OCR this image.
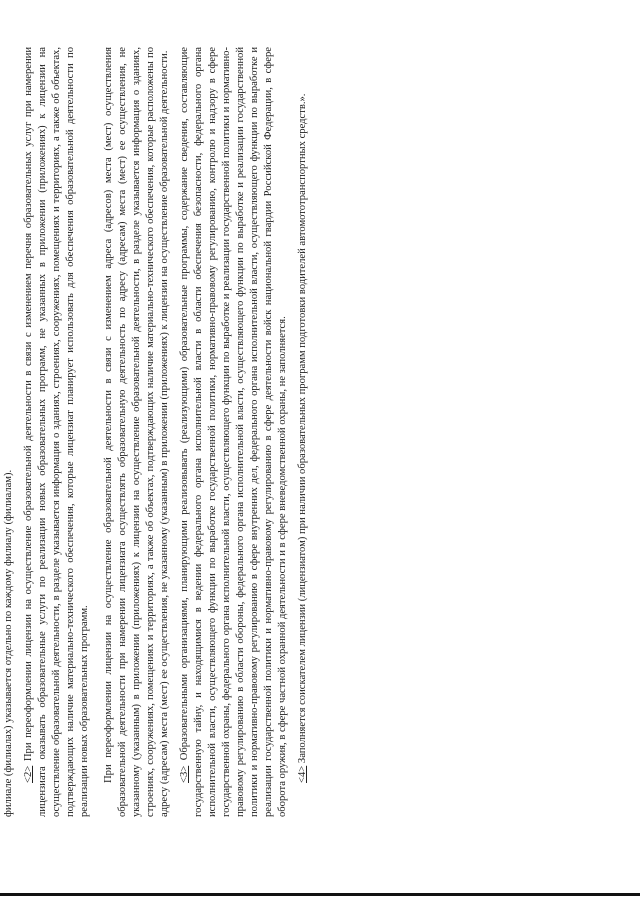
филиале (филиалах) указывается отдельно по каждому филиалу (филиалам).

<2> При переоформлении лицензии на осуществление образовательной деятельности в связи с изменением перечня образовательных услуг при намерении лицензиата оказывать образовательные услуги по реализации новых образовательных программ, не указанных в приложении (приложениях) к лицензии на осуществление образовательной деятельности, в разделе указывается информация о зданиях, строениях, сооружениях, помещениях и территориях, а также об объектах, подтверждающих наличие материально-технического обеспечения, которые лицензиат планирует использовать для обеспечения образовательной деятельности по реализации новых образовательных программ. При переоформлении лицензии на осуществление образовательной деятельности в связи с изменением адреса (адресов) места (мест) осуществления образовательной деятельности при намерении лицензиата осуществлять образовательную деятельность по адресу (адресам) места (мест) ее осуществления, не указанному (указанным) в приложении (приложениях) к лицензии на осуществление образовательной деятельности, в разделе указывается информация о зданиях, строениях, сооружениях, помещениях и территориях, а также об объектах, подтверждающих наличие материально-технического обеспечения, которые расположены по адресу (адресам) места (мест) ее осуществления, не указанному (указанным) в приложении (приложениях) к лицензии на осуществление образовательной деятельности. <3> Образовательными организациями, планирующими реализовывать (реализующими) образовательные программы, содержание сведения, составляющие государственную тайну, и находящимися в ведении федерального органа исполнительной власти в области обеспечения безопасности, федерального органа исполнительной власти, осуществляющего функции по выработке государственной политики, нормативно-правовому регулированию, контролю и надзору в сфере государственной охраны, федерального органа исполнительной власти, осуществляющего функции по выработке и реализации государственной политики и нормативно-правовому регулированию в области обороны, федерального органа исполнительной власти, осуществляющего функции по выработке и реализации государственной политики и нормативно-правовому регулированию в сфере внутренних дел, федерального органа исполнительной власти, осуществляющего функции по выработке и реализации государственной политики и нормативно-правовому регулированию в сфере деятельности войск национальной гвардии Российской Федерации, в сфере оборота оружия, в сфере частной охранной деятельности и в сфере вневедомственной охраны, не заполняется. <4> Заполняется соискателем лицензии (лицензиатом) при наличии образовательных программ подготовки водителей автомототранспортных средств.».
